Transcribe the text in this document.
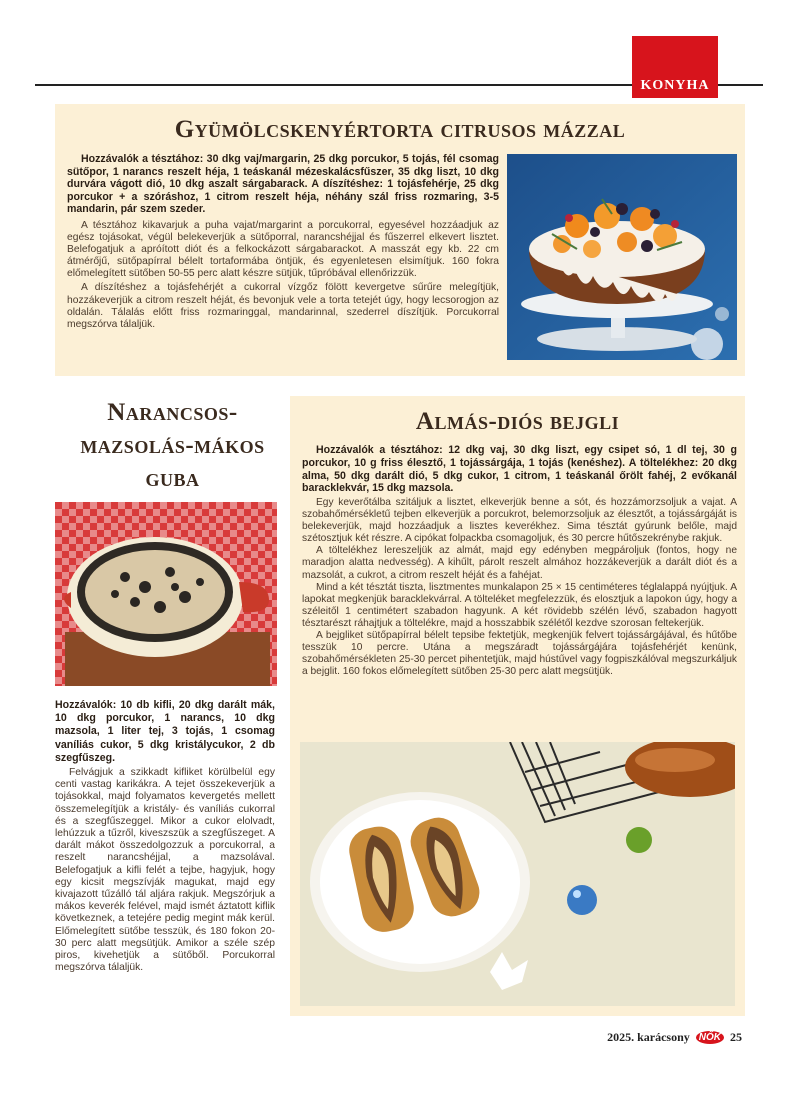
KONYHA
Gyümölcskenyértorta citrusos mázzal

Hozzávalók a tésztához: 30 dkg vaj/margarin, 25 dkg porcukor, 5 tojás, fél csomag sütőpor, 1 narancs reszelt héja, 1 teáskanál mézeskalácsfűszer, 35 dkg liszt, 10 dkg durvára vágott dió, 10 dkg aszalt sárgabarack. A díszítéshez: 1 tojásfehérje, 25 dkg porcukor + a szóráshoz, 1 citrom reszelt héja, néhány szál friss rozmaring, 3-5 mandarin, pár szem szeder.

A tésztához kikavarjuk a puha vajat/margarint a porcukorral, egyesével hozzáadjuk az egész tojásokat, végül belekeverjük a sütőporral, narancshéjjal és fűszerrel elkevert lisztet. Belefogatjuk a apróított diót és a felkockázott sárgabarackot. A masszát egy kb. 22 cm átmérőjű, sütőpapírral bélelt tortaformába öntjük, és egyenletesen elsimítjuk. 160 fokra előmelegített sütőben 50-55 perc alatt készre sütjük, tűpróbával ellenőrizzük.

A díszítéshez a tojásfehérjét a cukorral vízgőz fölött kevergetve sűrűre melegítjük, hozzákeverjük a citrom reszelt héját, és bevonjuk vele a torta tetejét úgy, hogy lecsorogjon az oldalán. Tálalás előtt friss rozmaringgal, mandarinnal, szederrel díszítjük. Porcukorral megszórva tálaljük.

Narancsos-
mazsolás-mákos
guba

Hozzávalók: 10 db kifli, 20 dkg darált mák, 10 dkg porcukor, 1 narancs, 10 dkg mazsola, 1 liter tej, 3 tojás, 1 csomag vaníliás cukor, 5 dkg kristálycukor, 2 db szegfűszeg.

Felvágjuk a szikkadt kifliket körülbelül egy centi vastag karikákra. A tejet összekeverjük a tojásokkal, majd folyamatos kevergetés mellett összemelegítjük a kristály- és vaníliás cukorral és a szegfűszeggel. Mikor a cukor elolvadt, lehúzzuk a tűzről, kiveszszük a szegfűszeget. A darált mákot összedolgozzuk a porcukorral, a reszelt narancshéjjal, a mazsolával. Belefogatjuk a kifli felét a tejbe, hagyjuk, hogy egy kicsit megszívják magukat, majd egy kivajazott tűzálló tál aljára rakjuk. Megszórjuk a mákos keverék felével, majd ismét áztatott kiflik következnek, a tetejére pedig megint mák kerül. Előmelegített sütőbe tesszük, és 180 fokon 20-30 perc alatt megsütjük. Amikor a széle szép piros, kivehetjük a sütőből. Porcukorral megszórva tálaljük.

Almás-diós bejgli

Hozzávalók a tésztához: 12 dkg vaj, 30 dkg liszt, egy csipet só, 1 dl tej, 30 g porcukor, 10 g friss élesztő, 1 tojássárgája, 1 tojás (kenéshez). A töltelékhez: 20 dkg alma, 50 dkg darált dió, 5 dkg cukor, 1 citrom, 1 teáskanál őrölt fahéj, 2 evőkanál baracklekvár, 15 dkg mazsola.

Egy keverőtálba szitáljuk a lisztet, elkeverjük benne a sót, és hozzámorzsoljuk a vajat. A szobahőmérsékletű tejben elkeverjük a porcukrot, belemorzsoljuk az élesztőt, a tojássárgáját is belekeverjük, majd hozzáadjuk a lisztes keverékhez. Sima tésztát gyúrunk belőle, majd szétosztjuk két részre. A cipókat folpackba csomagoljuk, és 30 percre hűtőszekrénybe rakjuk.

A töltelékhez lereszeljük az almát, majd egy edényben megpároljuk (fontos, hogy ne maradjon alatta nedvesség). A kihűlt, párolt reszelt almához hozzákeverjük a darált diót és a mazsolát, a cukrot, a citrom reszelt héját és a fahéjat.

Mind a két tésztát tiszta, lisztmentes munkalapon 25 × 15 centiméteres téglalappá nyújtjuk. A lapokat megkenjük baracklekvárral. A tölteléket megfelezzük, és elosztjuk a lapokon úgy, hogy a széleitől 1 centimétert szabadon hagyunk. A két rövidebb szélén lévő, szabadon hagyott tésztarészt ráhajtjuk a töltelékre, majd a hosszabbik szélétől kezdve szorosan feltekerjük.

A bejgliket sütőpapírral bélelt tepsibe fektetjük, megkenjük felvert tojássárgájával, és hűtőbe tesszük 10 percre. Utána a megszáradt tojássárgájára tojásfehérjét kenünk, szobahőmérsékleten 25-30 percet pihentetjük, majd hústűvel vagy fogpiszkálóval megszurkáljuk a bejglit. 160 fokos előmelegített sütőben 25-30 perc alatt megsütjük.

2025. karácsony NŐK 25
